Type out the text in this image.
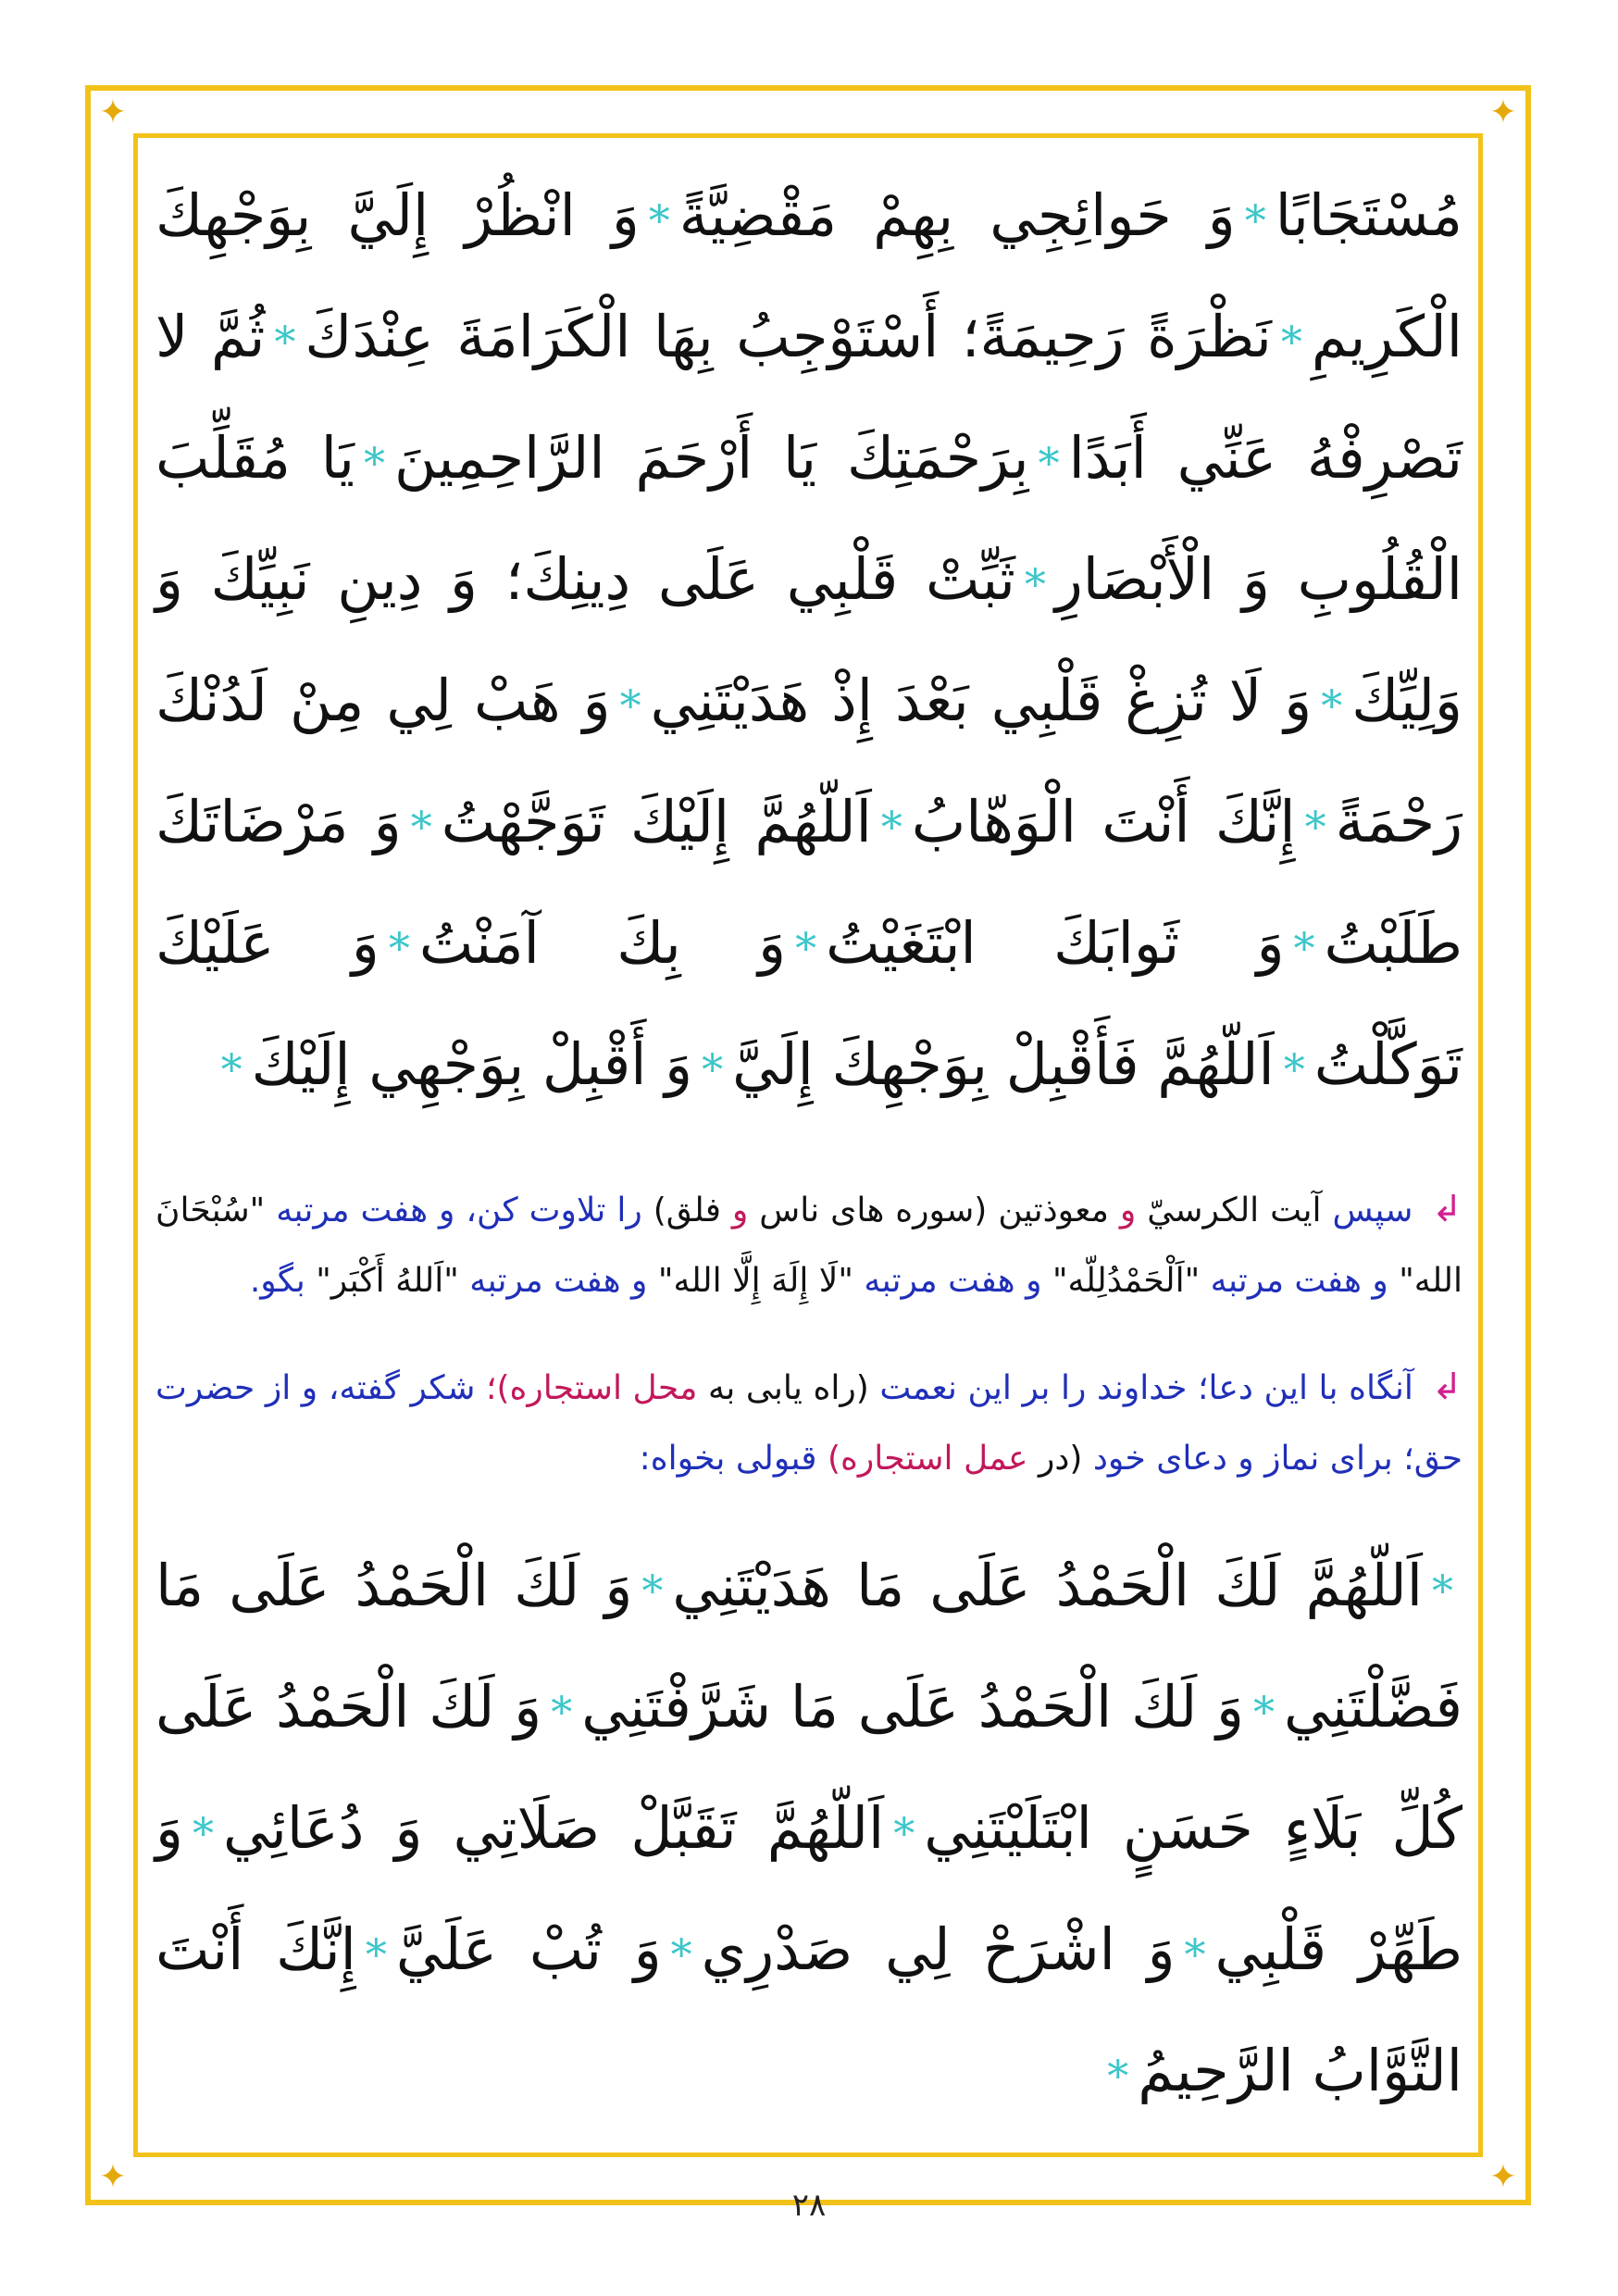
✦	✦
✦	✦

مُسْتَجَابًا*وَ حَوائِجِي بِهِمْ مَقْضِيَّةً*وَ انْظُرْ إِلَيَّ بِوَجْهِكَ الْكَرِيمِ*نَظْرَةً رَحِيمَةً؛ أَسْتَوْجِبُ بِهَا الْكَرَامَةَ عِنْدَكَ*ثُمَّ لا تَصْرِفْهُ عَنِّي أَبَدًا*بِرَحْمَتِكَ يَا أَرْحَمَ الرَّاحِمِينَ*يَا مُقَلِّبَ الْقُلُوبِ وَ الْأَبْصَارِ*ثَبِّتْ قَلْبِي عَلَى دِينِكَ؛ وَ دِينِ نَبِيِّكَ وَ وَلِيِّكَ*وَ لَا تُزِغْ قَلْبِي بَعْدَ إِذْ هَدَيْتَنِي*وَ هَبْ لِي مِنْ لَدُنْكَ رَحْمَةً*إِنَّكَ أَنْتَ الْوَهّابُ*اَللّهُمَّ إِلَيْكَ تَوَجَّهْتُ*وَ مَرْضَاتَكَ طَلَبْتُ*وَ ثَوابَكَ ابْتَغَيْتُ*وَ بِكَ آمَنْتُ*وَ عَلَيْكَ تَوَكَّلْتُ*اَللّهُمَّ فَأَقْبِلْ بِوَجْهِكَ إِلَيَّ*وَ أَقْبِلْ بِوَجْهِي إِلَيْكَ*

↲ سپس آیت الکرسيّ و معوذتین (سوره های ناس و فلق) را تلاوت کن، و هفت مرتبه "سُبْحَانَ الله" و هفت مرتبه "اَلْحَمْدُلِلّه" و هفت مرتبه "لَا إِلَهَ إِلَّا الله" و هفت مرتبه "اَللهُ أَكْبَر" بگو.

↲ آنگاه با این دعا؛ خداوند را بر این نعمت (راه یابی به محل استجاره)؛ شکر گفته، و از حضرت حق؛ برای نماز و دعای خود (در عمل استجاره) قبولی بخواه:

*اَللّهُمَّ لَكَ الْحَمْدُ عَلَى مَا هَدَيْتَنِي*وَ لَكَ الْحَمْدُ عَلَى مَا فَضَّلْتَنِي*وَ لَكَ الْحَمْدُ عَلَى مَا شَرَّفْتَنِي*وَ لَكَ الْحَمْدُ عَلَى كُلِّ بَلَاءٍ حَسَنٍ ابْتَلَيْتَنِي*اَللّهُمَّ تَقَبَّلْ صَلَاتِي وَ دُعَائِي*وَ طَهِّرْ قَلْبِي*وَ اشْرَحْ لِي صَدْرِي*وَ تُبْ عَلَيَّ*إِنَّكَ أَنْتَ التَّوَّابُ الرَّحِيمُ*

۲۸
